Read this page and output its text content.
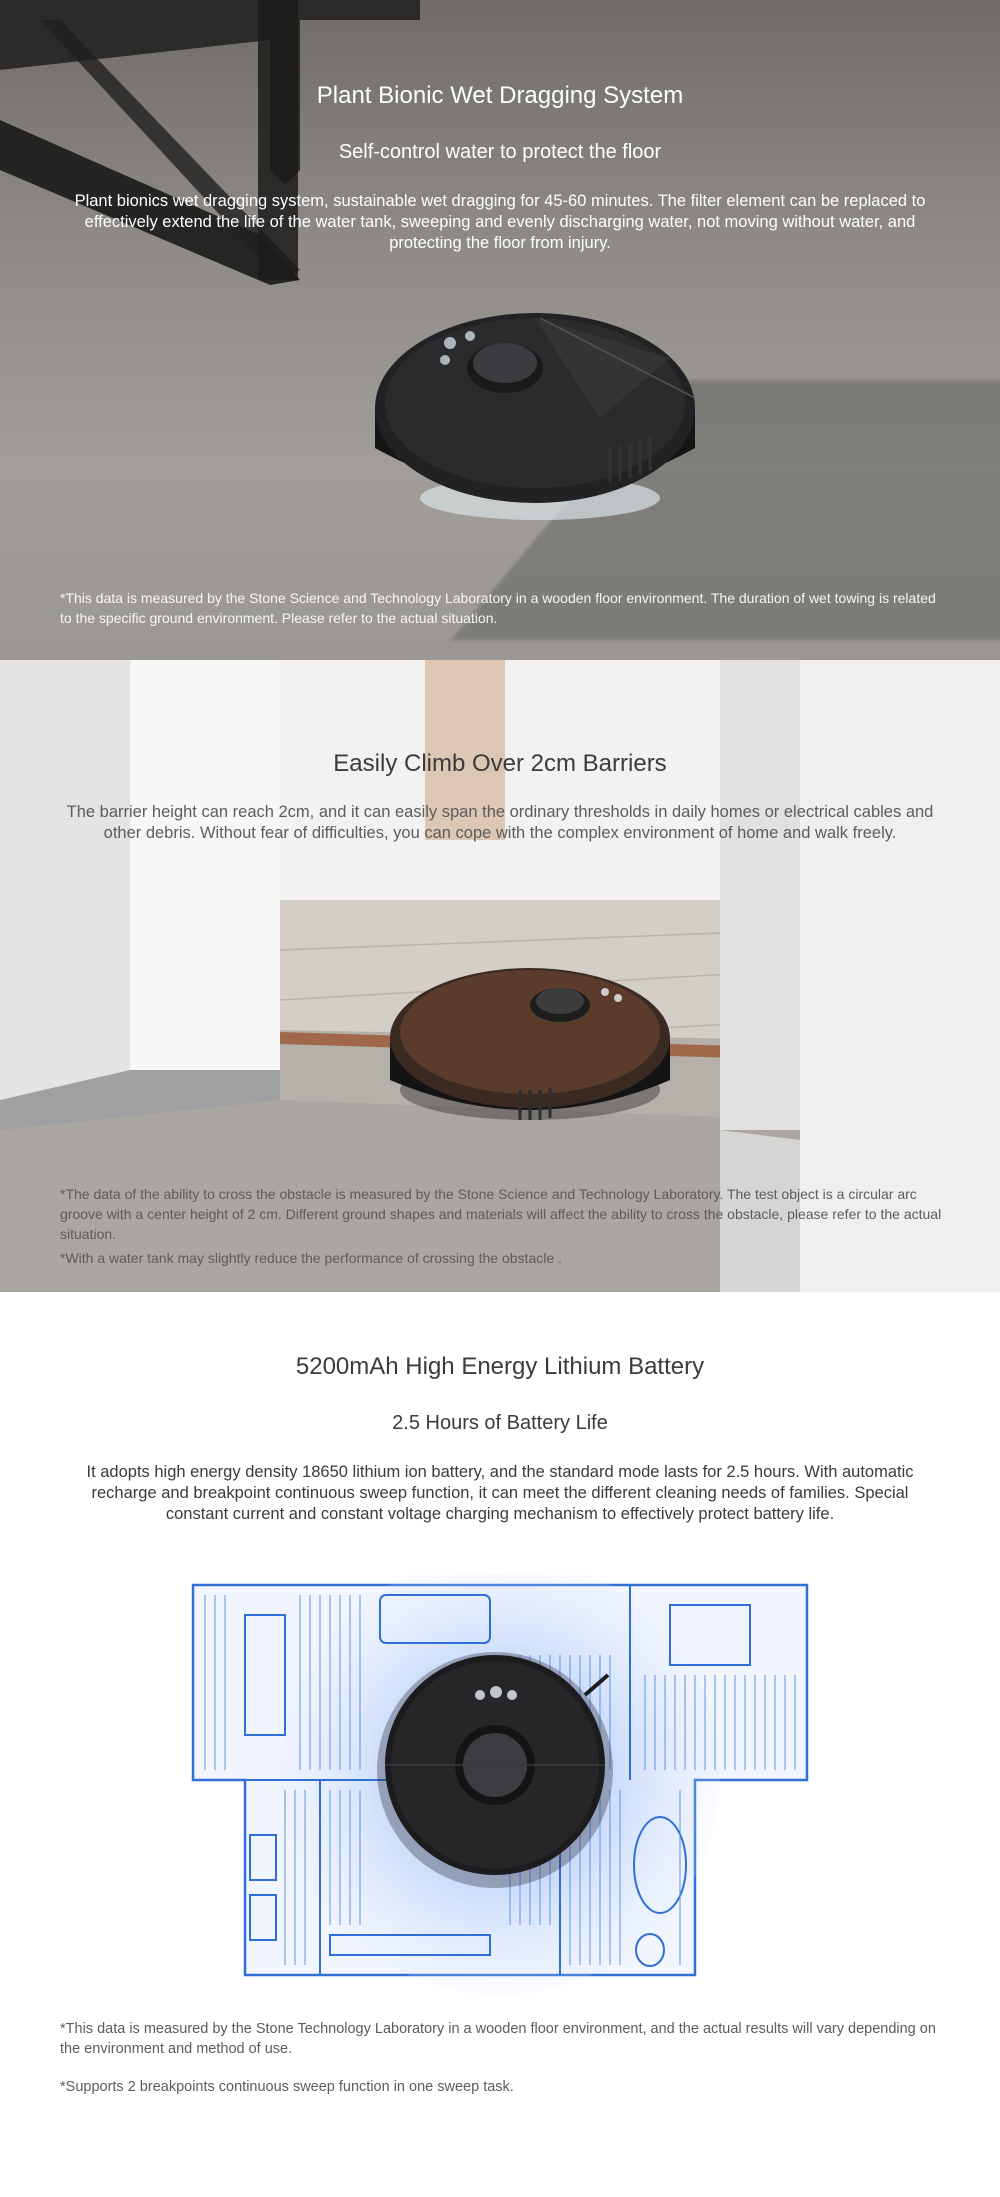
Plant Bionic Wet Dragging System
Self-control water to protect the floor
Plant bionics wet dragging system, sustainable wet dragging for 45-60 minutes. The filter element can be replaced to effectively extend the life of the water tank, sweeping and evenly discharging water, not moving without water, and protecting the floor from injury.
*This data is measured by the Stone Science and Technology Laboratory in a wooden floor environment. The duration of wet towing is related to the specific ground environment. Please refer to the actual situation.
Easily Climb Over 2cm Barriers
The barrier height can reach 2cm, and it can easily span the ordinary thresholds in daily homes or electrical cables and other debris. Without fear of difficulties, you can cope with the complex environment of home and walk freely.
*The data of the ability to cross the obstacle is measured by the Stone Science and Technology Laboratory. The test object is a circular arc groove with a center height of 2 cm. Different ground shapes and materials will affect the ability to cross the obstacle, please refer to the actual situation.
*With a water tank may slightly reduce the performance of crossing the obstacle .
5200mAh High Energy Lithium Battery
2.5 Hours of Battery Life
It adopts high energy density 18650 lithium ion battery, and the standard mode lasts for 2.5 hours. With automatic recharge and breakpoint continuous sweep function, it can meet the different cleaning needs of families. Special constant current and constant voltage charging mechanism to effectively protect battery life.
*This data is measured by the Stone Technology Laboratory in a wooden floor environment, and the actual results will vary depending on the environment and method of use.
*Supports 2 breakpoints continuous sweep function in one sweep task.
